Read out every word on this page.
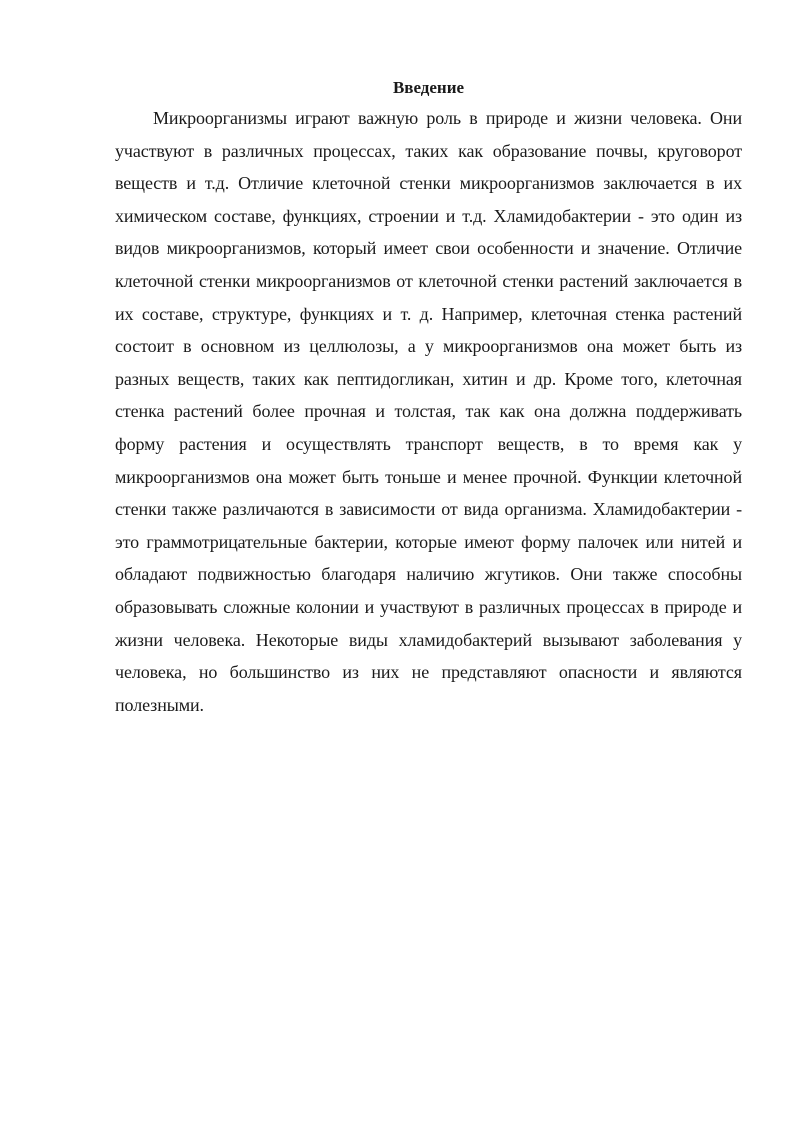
Введение

Микроорганизмы играют важную роль в природе и жизни человека. Они участвуют в различных процессах, таких как образование почвы, круговорот веществ и т.д. Отличие клеточной стенки микроорганизмов заключается в их химическом составе, функциях, строении и т.д. Хламидобактерии - это один из видов микроорганизмов, который имеет свои особенности и значение. Отличие клеточной стенки микроорганизмов от клеточной стенки растений заключается в их составе, структуре, функциях и т. д. Например, клеточная стенка растений состоит в основном из целлюлозы, а у микроорганизмов она может быть из разных веществ, таких как пептидогликан, хитин и др. Кроме того, клеточная стенка растений более прочная и толстая, так как она должна поддерживать форму растения и осуществлять транспорт веществ, в то время как у микроорганизмов она может быть тоньше и менее прочной. Функции клеточной стенки также различаются в зависимости от вида организма. Хламидобактерии - это граммотрицательные бактерии, которые имеют форму палочек или нитей и обладают подвижностью благодаря наличию жгутиков. Они также способны образовывать сложные колонии и участвуют в различных процессах в природе и жизни человека. Некоторые виды хламидобактерий вызывают заболевания у человека, но большинство из них не представляют опасности и являются полезными.
